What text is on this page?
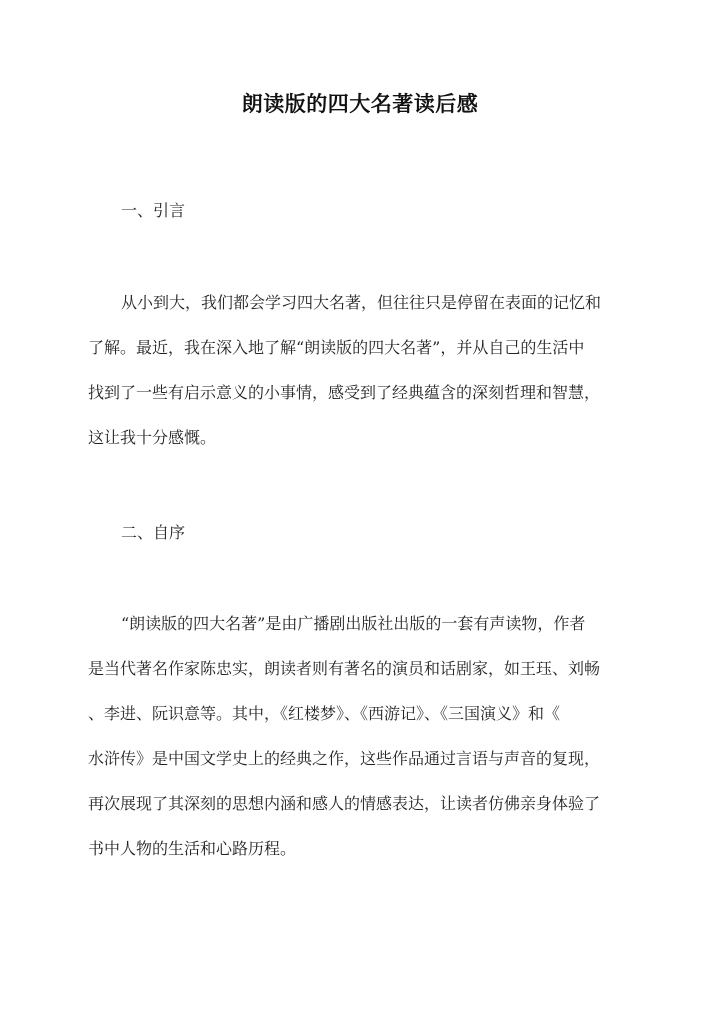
朗读版的四大名著读后感
一、引言
从小到大，我们都会学习四大名著，但往往只是停留在表面的记忆和
了解。最近，我在深入地了解“朗读版的四大名著”，并从自己的生活中
找到了一些有启示意义的小事情，感受到了经典蕴含的深刻哲理和智慧，
这让我十分感慨。
二、自序
“朗读版的四大名著”是由广播剧出版社出版的一套有声读物，作者
是当代著名作家陈忠实，朗读者则有著名的演员和话剧家，如王珏、刘畅
、李进、阮识意等。其中，《红楼梦》、《西游记》、《三国演义》和《
水浒传》是中国文学史上的经典之作，这些作品通过言语与声音的复现，
再次展现了其深刻的思想内涵和感人的情感表达，让读者仿佛亲身体验了
书中人物的生活和心路历程。
